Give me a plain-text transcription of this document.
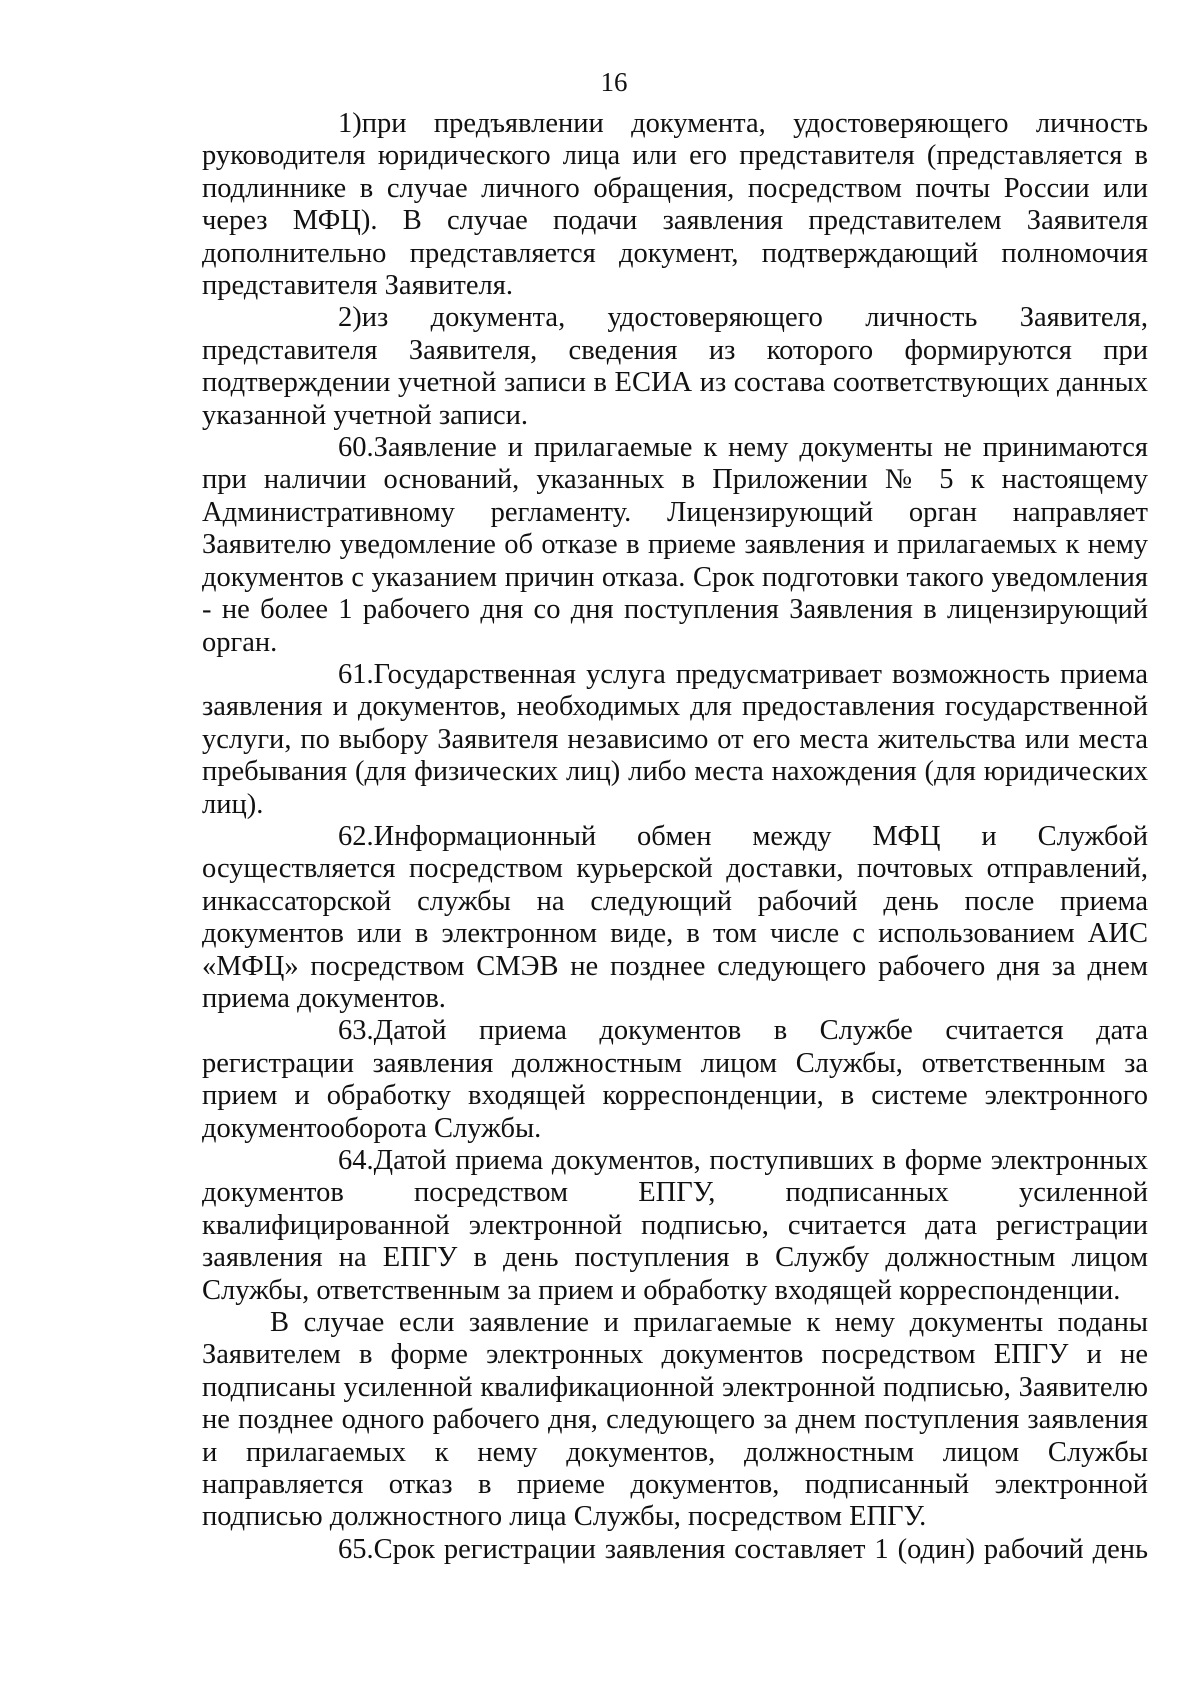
16

1)при предъявлении документа, удостоверяющего личность руководителя юридического лица или его представителя (представляется в подлиннике в случае личного обращения, посредством почты России или через МФЦ). В случае подачи заявления представителем Заявителя дополнительно представляется документ, подтверждающий полномочия представителя Заявителя.

2)из документа, удостоверяющего личность Заявителя, представителя Заявителя, сведения из которого формируются при подтверждении учетной записи в ЕСИА из состава соответствующих данных указанной учетной записи.

60.Заявление и прилагаемые к нему документы не принимаются при наличии оснований, указанных в Приложении № 5 к настоящему Административному регламенту. Лицензирующий орган направляет Заявителю уведомление об отказе в приеме заявления и прилагаемых к нему документов с указанием причин отказа. Срок подготовки такого уведомления - не более 1 рабочего дня со дня поступления Заявления в лицензирующий орган.

61.Государственная услуга предусматривает возможность приема заявления и документов, необходимых для предоставления государственной услуги, по выбору Заявителя независимо от его места жительства или места пребывания (для физических лиц) либо места нахождения (для юридических лиц).

62.Информационный обмен между МФЦ и Службой осуществляется посредством курьерской доставки, почтовых отправлений, инкассаторской службы на следующий рабочий день после приема документов или в электронном виде, в том числе с использованием АИС «МФЦ» посредством СМЭВ не позднее следующего рабочего дня за днем приема документов.

63.Датой приема документов в Службе считается дата регистрации заявления должностным лицом Службы, ответственным за прием и обработку входящей корреспонденции, в системе электронного документооборота Службы.

64.Датой приема документов, поступивших в форме электронных документов посредством ЕПГУ, подписанных усиленной квалифицированной электронной подписью, считается дата регистрации заявления на ЕПГУ в день поступления в Службу должностным лицом Службы, ответственным за прием и обработку входящей корреспонденции.

В случае если заявление и прилагаемые к нему документы поданы Заявителем в форме электронных документов посредством ЕПГУ и не подписаны усиленной квалификационной электронной подписью, Заявителю не позднее одного рабочего дня, следующего за днем поступления заявления и прилагаемых к нему документов, должностным лицом Службы направляется отказ в приеме документов, подписанный электронной подписью должностного лица Службы, посредством ЕПГУ.

65.Срок регистрации заявления составляет 1 (один) рабочий день
